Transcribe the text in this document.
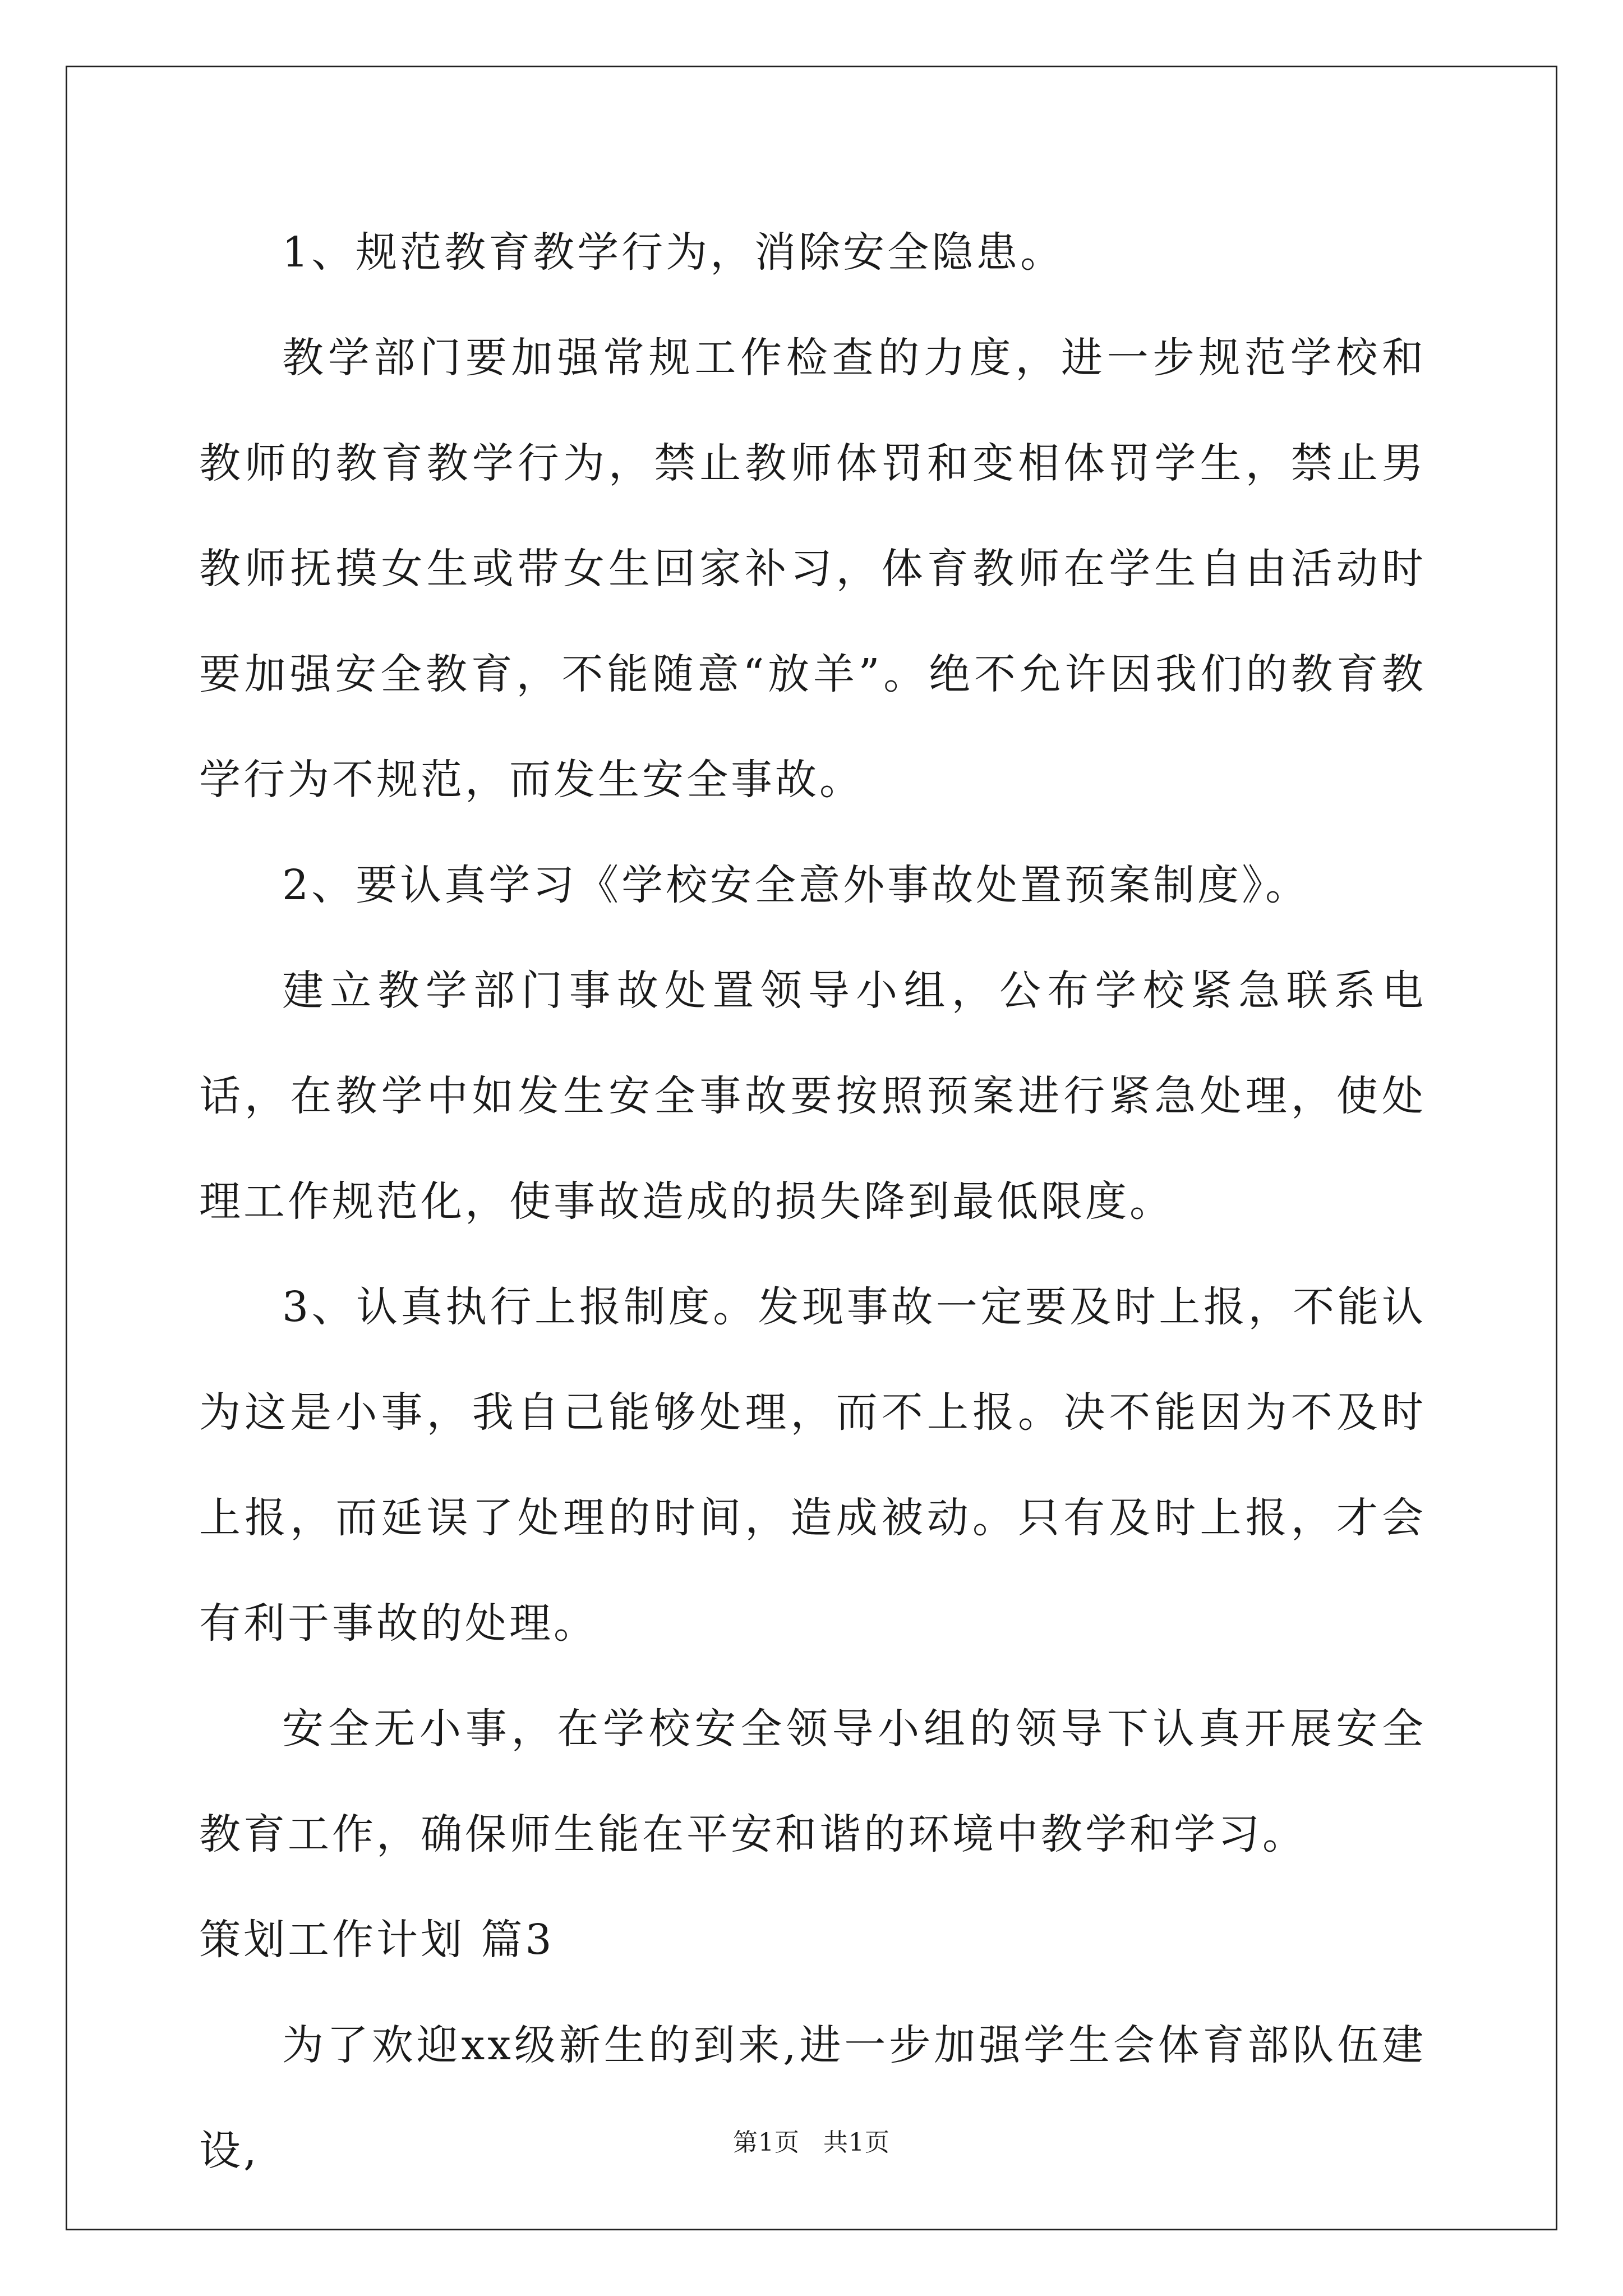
1、规范教育教学行为，消除安全隐患。

教学部门要加强常规工作检查的力度，进一步规范学校和教师的教育教学行为，禁止教师体罚和变相体罚学生，禁止男教师抚摸女生或带女生回家补习，体育教师在学生自由活动时要加强安全教育，不能随意“放羊”。绝不允许因我们的教育教学行为不规范，而发生安全事故。

2、要认真学习《学校安全意外事故处置预案制度》。

建立教学部门事故处置领导小组，公布学校紧急联系电话，在教学中如发生安全事故要按照预案进行紧急处理，使处理工作规范化，使事故造成的损失降到最低限度。

3、认真执行上报制度。发现事故一定要及时上报，不能认为这是小事，我自己能够处理，而不上报。决不能因为不及时上报，而延误了处理的时间，造成被动。只有及时上报，才会有利于事故的处理。

安全无小事，在学校安全领导小组的领导下认真开展安全教育工作，确保师生能在平安和谐的环境中教学和学习。

策划工作计划 篇3

为了欢迎xx级新生的到来,进一步加强学生会体育部队伍建设,	第1页 共1页
